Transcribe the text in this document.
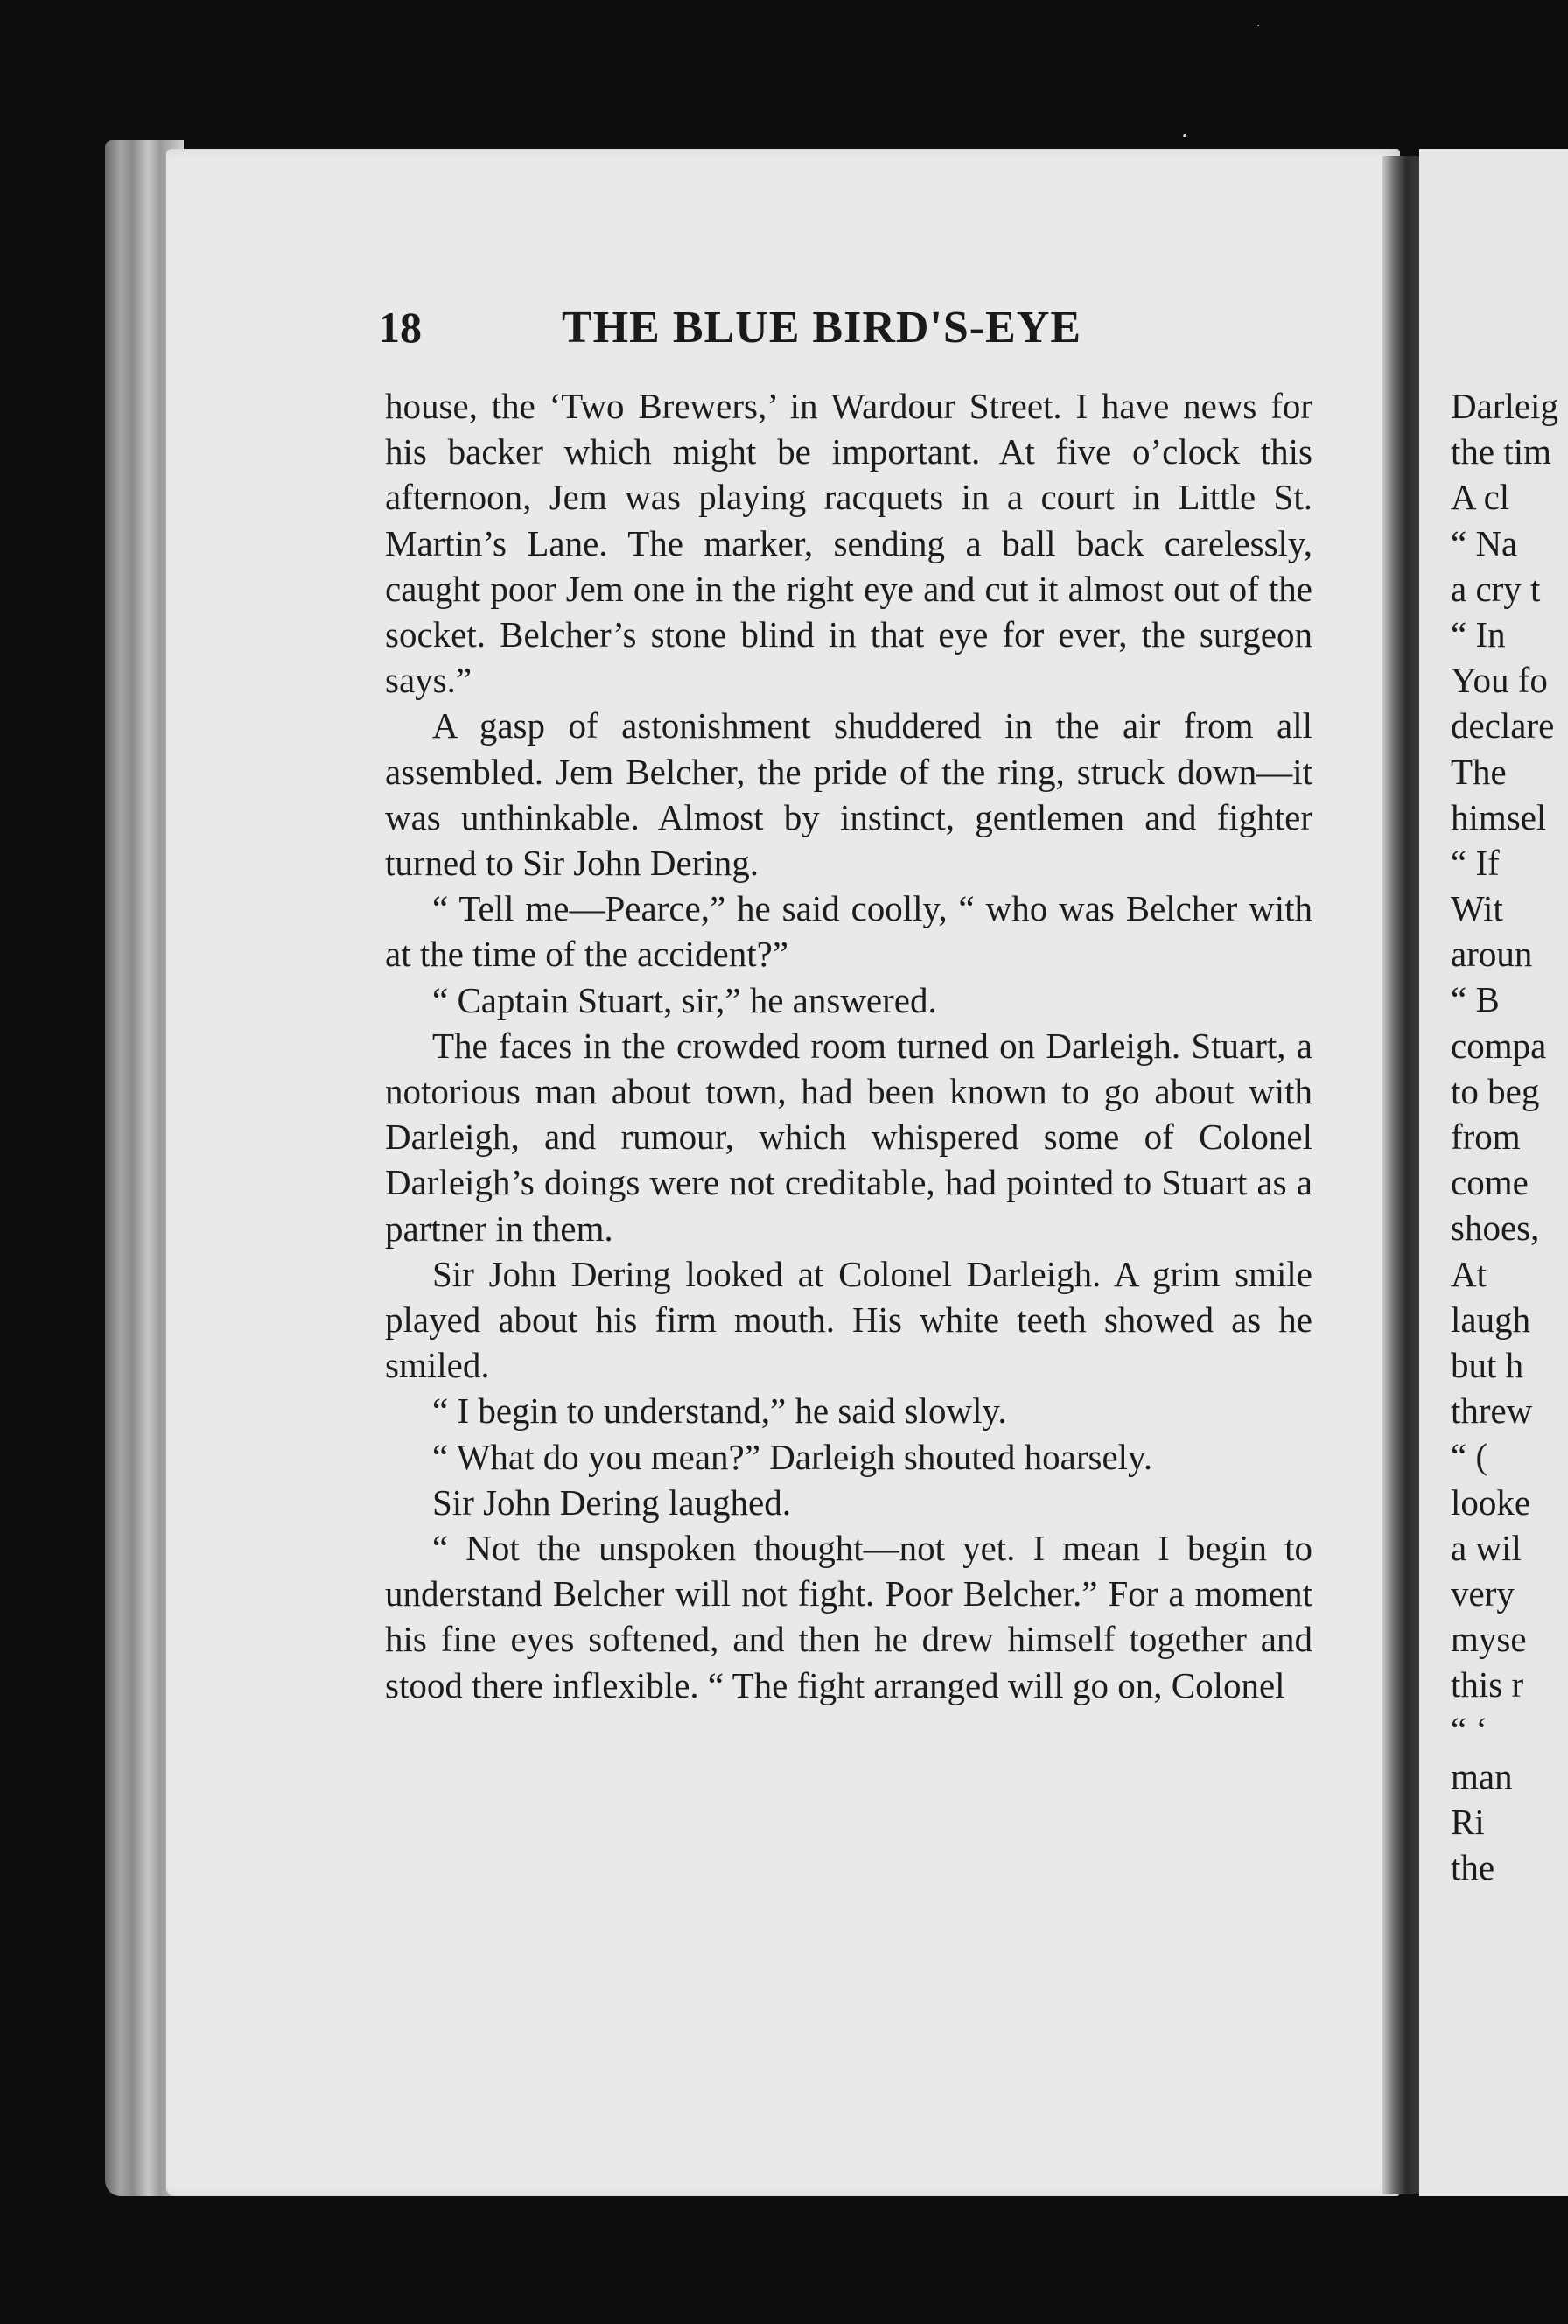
18	THE BLUE BIRD'S-EYE

house, the ‘Two Brewers,’ in Wardour Street. I have news for his backer which might be important. At five o’clock this afternoon, Jem was playing racquets in a court in Little St. Martin’s Lane. The marker, sending a ball back carelessly, caught poor Jem one in the right eye and cut it almost out of the socket. Belcher’s stone blind in that eye for ever, the surgeon says.”

A gasp of astonishment shuddered in the air from all assembled. Jem Belcher, the pride of the ring, struck down—it was unthinkable. Almost by instinct, gentlemen and fighter turned to Sir John Dering.

“ Tell me—Pearce,” he said coolly, “ who was Belcher with at the time of the accident?”

“ Captain Stuart, sir,” he answered.

The faces in the crowded room turned on Darleigh. Stuart, a notorious man about town, had been known to go about with Darleigh, and rumour, which whispered some of Colonel Darleigh’s doings were not creditable, had pointed to Stuart as a partner in them.

Sir John Dering looked at Colonel Darleigh. A grim smile played about his firm mouth. His white teeth showed as he smiled.

“ I begin to understand,” he said slowly.

“ What do you mean?” Darleigh shouted hoarsely.

Sir John Dering laughed.

“ Not the unspoken thought—not yet. I mean I begin to understand Belcher will not fight. Poor Belcher.” For a moment his fine eyes softened, and then he drew himself together and stood there inflexible. “ The fight arranged will go on, Colonel

Darleig
the tim
A cl
“ Na
a cry t
“ In
You fo
declare
The
himsel
“ If
Wit
aroun
“ B
compa
to beg
from
come
shoes,
At
laugh
but h
threw
“ (
looke
a wil
very
myse
this r
“ ‘
man
Ri
the
•
·
